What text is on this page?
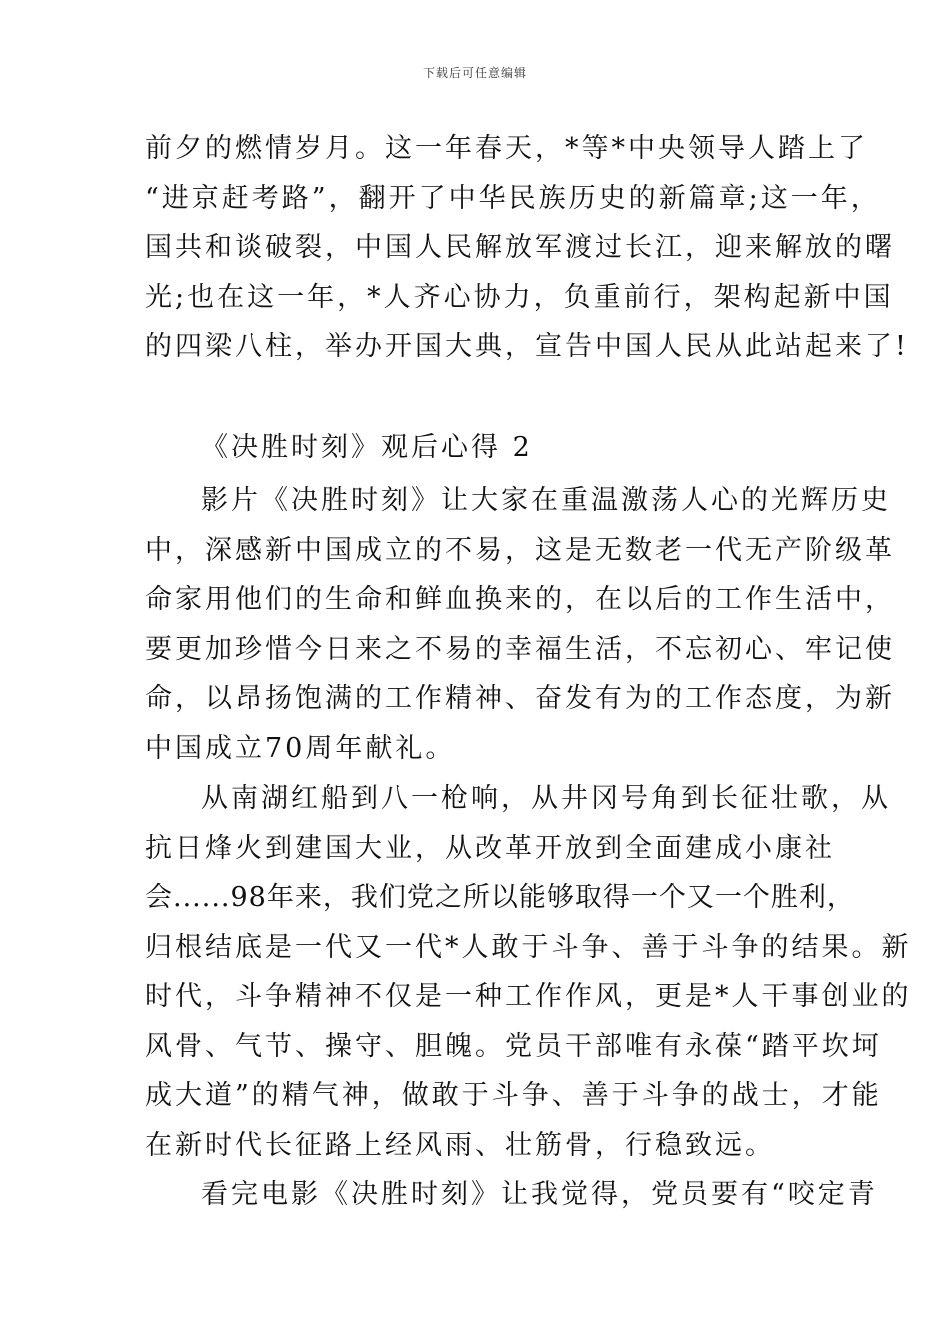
下载后可任意编辑
前夕的燃情岁月。这一年春天，*等*中央领导人踏上了
“进京赶考路”，翻开了中华民族历史的新篇章;这一年，
国共和谈破裂，中国人民解放军渡过长江，迎来解放的曙
光;也在这一年，*人齐心协力，负重前行，架构起新中国
的四梁八柱，举办开国大典，宣告中国人民从此站起来了!
《决胜时刻》观后心得 2
影片《决胜时刻》让大家在重温激荡人心的光辉历史
中，深感新中国成立的不易，这是无数老一代无产阶级革
命家用他们的生命和鲜血换来的，在以后的工作生活中，
要更加珍惜今日来之不易的幸福生活，不忘初心、牢记使
命，以昂扬饱满的工作精神、奋发有为的工作态度，为新
中国成立70周年献礼。
从南湖红船到八一枪响，从井冈号角到长征壮歌，从
抗日烽火到建国大业，从改革开放到全面建成小康社
会......98年来，我们党之所以能够取得一个又一个胜利，
归根结底是一代又一代*人敢于斗争、善于斗争的结果。新
时代，斗争精神不仅是一种工作作风，更是*人干事创业的
风骨、气节、操守、胆魄。党员干部唯有永葆“踏平坎坷
成大道”的精气神，做敢于斗争、善于斗争的战士，才能
在新时代长征路上经风雨、壮筋骨，行稳致远。
看完电影《决胜时刻》让我觉得，党员要有“咬定青
